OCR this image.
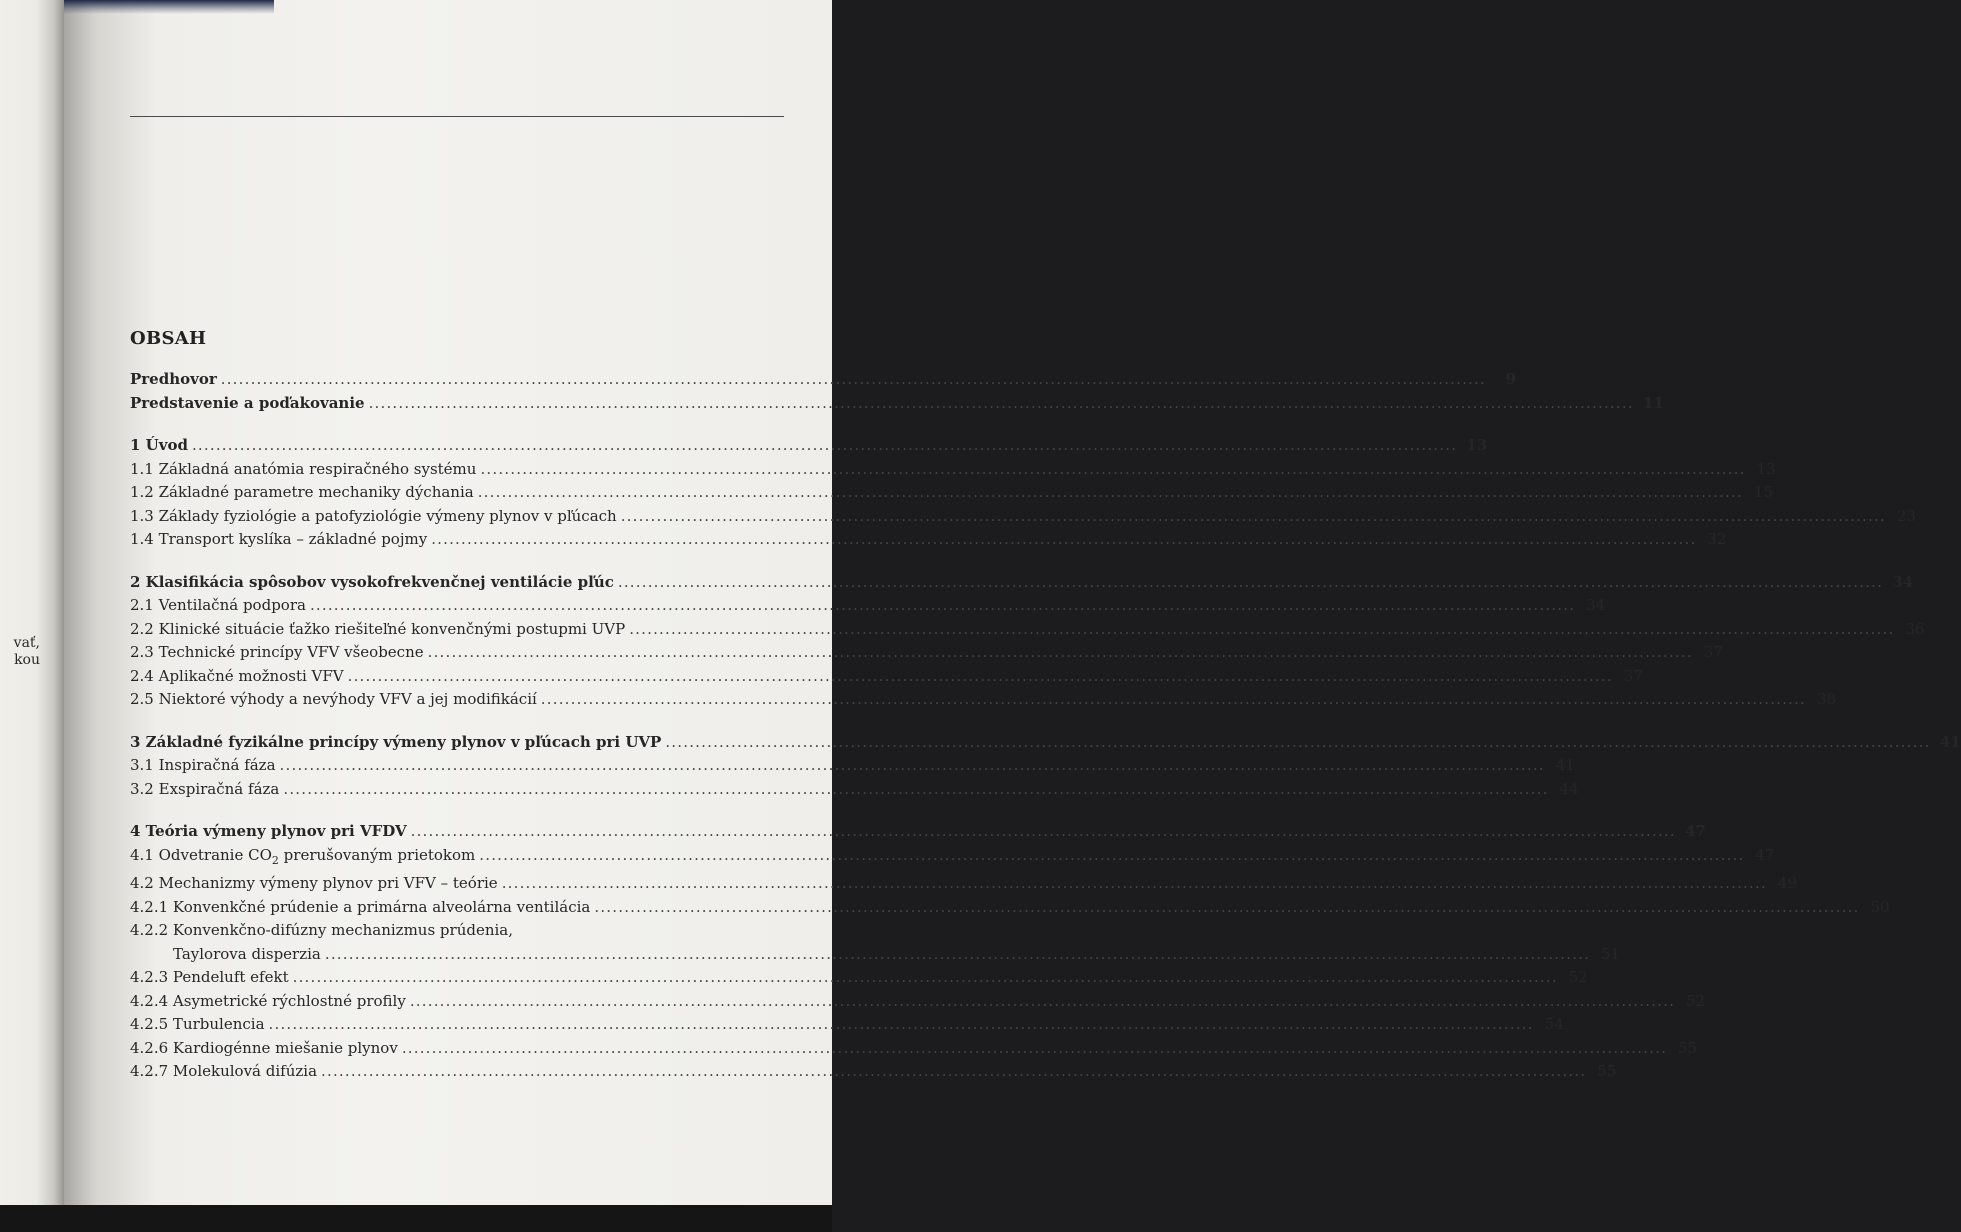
vať,
kou
OBSAH
Predhovor ....................................................................................................................................................................................................................	9
Predstavenie a poďakovanie .................................................................................................................................................................................................................... 11
1 Úvod .................................................................................................................................................................................................................... 13
1.1 Základná anatómia respiračného systému .................................................................................................................................................................................................................... 13
1.2 Základné parametre mechaniky dýchania .................................................................................................................................................................................................................... 15
1.3 Základy fyziológie a patofyziológie výmeny plynov v pľúcach .................................................................................................................................................................................................................... 23
1.4 Transport kyslíka – základné pojmy .................................................................................................................................................................................................................... 32
2 Klasifikácia spôsobov vysokofrekvenčnej ventilácie pľúc .................................................................................................................................................................................................................... 34
2.1 Ventilačná podpora .................................................................................................................................................................................................................... 34
2.2 Klinické situácie ťažko riešiteľné konvenčnými postupmi UVP .................................................................................................................................................................................................................... 36
2.3 Technické princípy VFV všeobecne .................................................................................................................................................................................................................... 37
2.4 Aplikačné možnosti VFV .................................................................................................................................................................................................................... 37
2.5 Niektoré výhody a nevýhody VFV a jej modifikácií .................................................................................................................................................................................................................... 38
3 Základné fyzikálne princípy výmeny plynov v pľúcach pri UVP .................................................................................................................................................................................................................... 41
3.1 Inspiračná fáza .................................................................................................................................................................................................................... 41
3.2 Exspiračná fáza .................................................................................................................................................................................................................... 44
4 Teória výmeny plynov pri VFDV .................................................................................................................................................................................................................... 47
4.1 Odvetranie $CO_2$ prerušovaným prietokom .................................................................................................................................................................................................................... 47
4.2 Mechanizmy výmeny plynov pri VFV – teórie .................................................................................................................................................................................................................... 49
4.2.1 Konvenkčné prúdenie a primárna alveolárna ventilácia .................................................................................................................................................................................................................... 50
4.2.2 Konvenkčno-difúzny mechanizmus prúdenia,
Taylorova disperzia .................................................................................................................................................................................................................... 51
4.2.3 Pendeluft efekt .................................................................................................................................................................................................................... 52
4.2.4 Asymetrické rýchlostné profily .................................................................................................................................................................................................................... 52
4.2.5 Turbulencia .................................................................................................................................................................................................................... 54
4.2.6 Kardiogénne miešanie plynov .................................................................................................................................................................................................................... 55
4.2.7 Molekulová difúzia .................................................................................................................................................................................................................... 55
